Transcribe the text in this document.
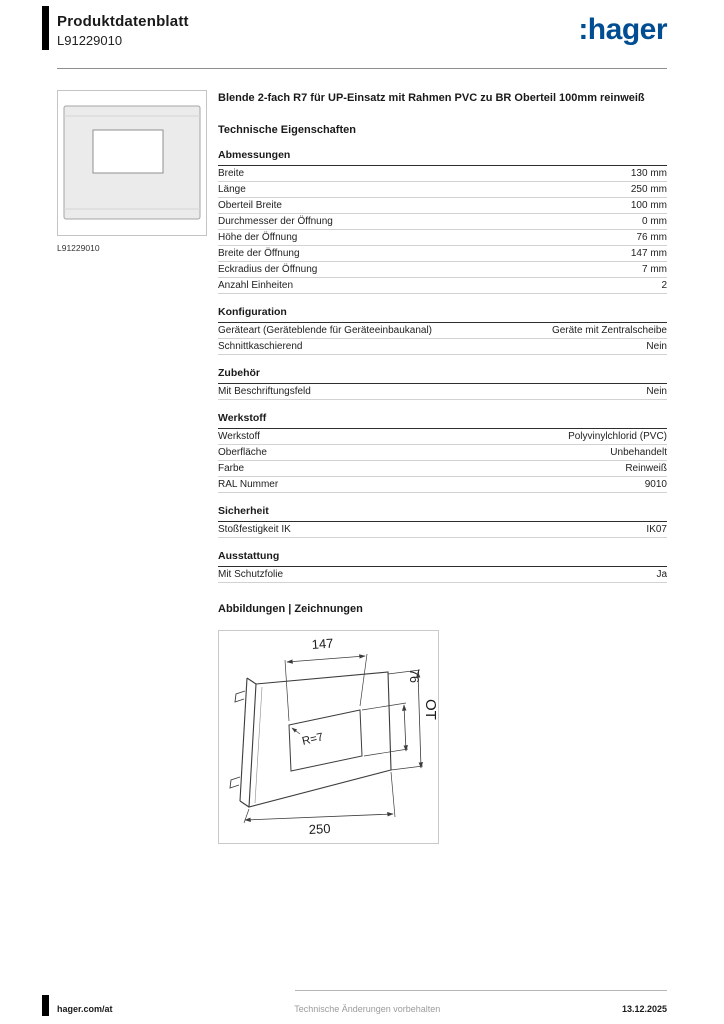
Produktdatenblatt
L91229010	:hager
L91229010

Blende 2-fach R7 für UP-Einsatz mit Rahmen PVC zu BR Oberteil 100mm reinweiß

Technische Eigenschaften
Abmessungen
Breite	130 mm
Länge	250 mm
Oberteil Breite	100 mm
Durchmesser der Öffnung	0 mm
Höhe der Öffnung	76 mm
Breite der Öffnung	147 mm
Eckradius der Öffnung	7 mm
Anzahl Einheiten	2
Konfiguration
Geräteart (Geräteblende für Geräteeinbaukanal)	Geräte mit Zentralscheibe
Schnittkaschierend	Nein
Zubehör
Mit Beschriftungsfeld	Nein
Werkstoff
Werkstoff	Polyvinylchlorid (PVC)
Oberfläche	Unbehandelt
Farbe	Reinweiß
RAL Nummer	9010
Sicherheit
Stoßfestigkeit IK	IK07
Ausstattung
Mit Schutzfolie	Ja
Abbildungen | Zeichnungen
147
76
OT
R=7
250
hager.com/at	Technische Änderungen vorbehalten	13.12.2025
